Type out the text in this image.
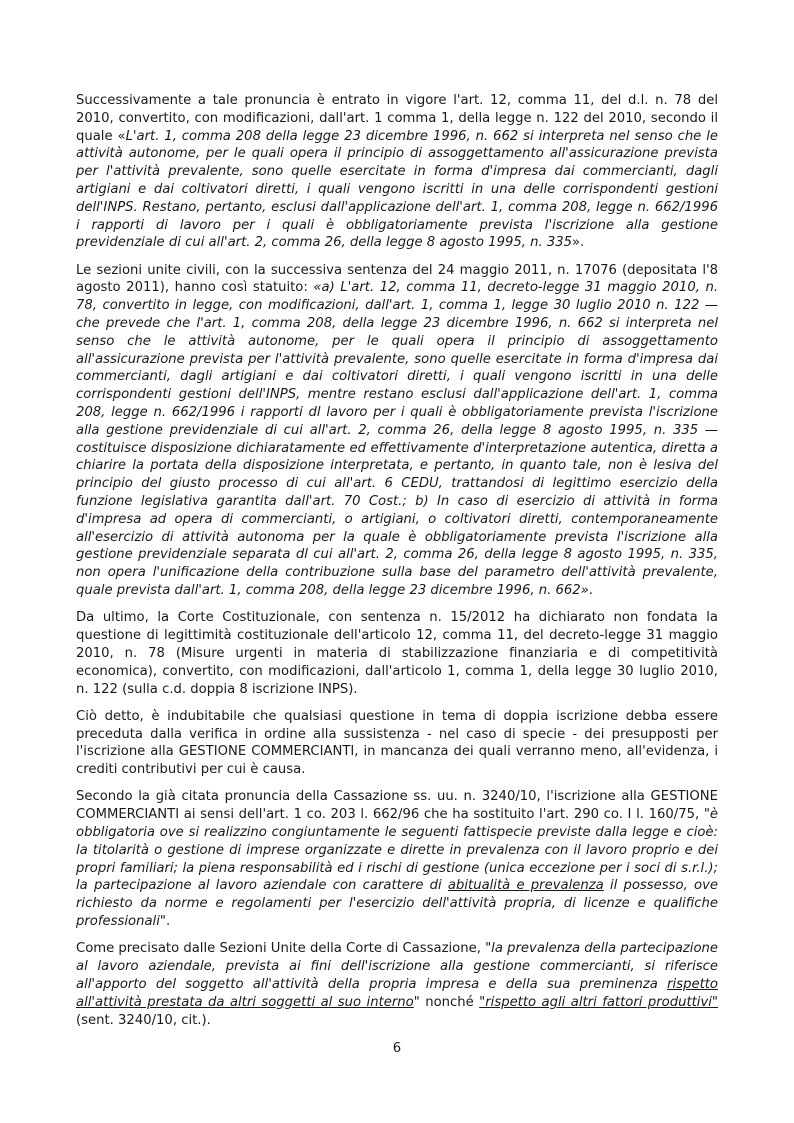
Successivamente a tale pronuncia è entrato in vigore l'art. 12, comma 11, del d.l. n. 78 del 2010, convertito, con modificazioni, dall'art. 1 comma 1, della legge n. 122 del 2010, secondo il quale «L'art. 1, comma 208 della legge 23 dicembre 1996, n. 662 si interpreta nel senso che le attività autonome, per le quali opera il principio di assoggettamento all'assicurazione prevista per l'attività prevalente, sono quelle esercitate in forma d'impresa dai commercianti, dagli artigiani e dai coltivatori diretti, i quali vengono iscritti in una delle corrispondenti gestioni dell'INPS. Restano, pertanto, esclusi dall'applicazione dell'art. 1, comma 208, legge n. 662/1996 i rapporti di lavoro per i quali è obbligatoriamente prevista l'iscrizione alla gestione previdenziale di cui all'art. 2, comma 26, della legge 8 agosto 1995, n. 335».

Le sezioni unite civili, con la successiva sentenza del 24 maggio 2011, n. 17076 (depositata l'8 agosto 2011), hanno così statuito: «a) L'art. 12, comma 11, decreto-legge 31 maggio 2010, n. 78, convertito in legge, con modificazioni, dall'art. 1, comma 1, legge 30 luglio 2010 n. 122 — che prevede che l'art. 1, comma 208, della legge 23 dicembre 1996, n. 662 si interpreta nel senso che le attività autonome, per le quali opera il principio di assoggettamento all'assicurazione prevista per l'attività prevalente, sono quelle esercitate in forma d'impresa dai commercianti, dagli artigiani e dai coltivatori diretti, i quali vengono iscritti in una delle corrispondenti gestioni dell'INPS, mentre restano esclusi dall'applicazione dell'art. 1, comma 208, legge n. 662/1996 i rapporti dl lavoro per i quali è obbligatoriamente prevista l'iscrizione alla gestione previdenziale di cui all'art. 2, comma 26, della legge 8 agosto 1995, n. 335 — costituisce disposizione dichiaratamente ed effettivamente d'interpretazione autentica, diretta a chiarire la portata della disposizione interpretata, e pertanto, in quanto tale, non è lesiva del principio del giusto processo di cui all'art. 6 CEDU, trattandosi di legittimo esercizio della funzione legislativa garantita dall'art. 70 Cost.; b) In caso di esercizio di attività in forma d'impresa ad opera di commercianti, o artigiani, o coltivatori diretti, contemporaneamente all'esercizio di attività autonoma per la quale è obbligatoriamente prevista l'iscrizione alla gestione previdenziale separata dl cui all'art. 2, comma 26, della legge 8 agosto 1995, n. 335, non opera l'unificazione della contribuzione sulla base del parametro dell'attività prevalente, quale prevista dall'art. 1, comma 208, della legge 23 dicembre 1996, n. 662».

Da ultimo, la Corte Costituzionale, con sentenza n. 15/2012 ha dichiarato non fondata la questione di legittimità costituzionale dell'articolo 12, comma 11, del decreto-legge 31 maggio 2010, n. 78 (Misure urgenti in materia di stabilizzazione finanziaria e di competitività economica), convertito, con modificazioni, dall'articolo 1, comma 1, della legge 30 luglio 2010, n. 122 (sulla c.d. doppia 8 iscrizione INPS).

Ciò detto, è indubitabile che qualsiasi questione in tema di doppia iscrizione debba essere preceduta dalla verifica in ordine alla sussistenza - nel caso di specie - dei presupposti per l'iscrizione alla GESTIONE COMMERCIANTI, in mancanza dei quali verranno meno, all'evidenza, i crediti contributivi per cui è causa.

Secondo la già citata pronuncia della Cassazione ss. uu. n. 3240/10, l'iscrizione alla GESTIONE COMMERCIANTI ai sensi dell'art. 1 co. 203 l. 662/96 che ha sostituito l'art. 290 co. I l. 160/75, "è obbligatoria ove si realizzino congiuntamente le seguenti fattispecie previste dalla legge e cioè: la titolarità o gestione di imprese organizzate e dirette in prevalenza con il lavoro proprio e dei propri familiari; la piena responsabilità ed i rischi di gestione (unica eccezione per i soci di s.r.l.); la partecipazione al lavoro aziendale con carattere di abitualità e prevalenza il possesso, ove richiesto da norme e regolamenti per l'esercizio dell'attività propria, di licenze e qualifiche professionali".

Come precisato dalle Sezioni Unite della Corte di Cassazione, "la prevalenza della partecipazione al lavoro aziendale, prevista ai fini dell'iscrizione alla gestione commercianti, si riferisce all'apporto del soggetto all'attività della propria impresa e della sua preminenza rispetto all'attività prestata da altri soggetti al suo interno" nonché "rispetto agli altri fattori produttivi" (sent. 3240/10, cit.).

6
